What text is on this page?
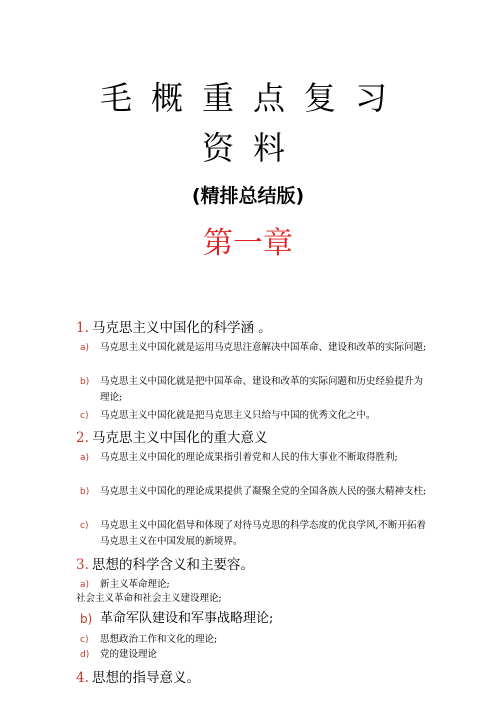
毛概重点复习
资料
(精排总结版)
第一章
1. 马克思主义中国化的科学涵 。
a) 马克思主义中国化就是运用马克思注意解决中国革命、建设和改革的实际问题;
b) 马克思主义中国化就是把中国革命、建设和改革的实际问题和历史经验提升为理论;
c) 马克思主义中国化就是把马克思主义只给与中国的优秀文化之中。
2. 马克思主义中国化的重大意义
a) 马克思主义中国化的理论成果指引着党和人民的伟大事业不断取得胜利;
b) 马克思主义中国化的理论成果提供了凝聚全党的全国各族人民的强大精神支柱;
c) 马克思主义中国化倡导和体现了对待马克思的科学态度的优良学风,不断开拓着马克思主义在中国发展的新境界。
3. 思想的科学含义和主要容。
a) 新主义革命理论;
社会主义革命和社会主义建设理论;
b) 革命军队建设和军事战略理论;
c) 思想政治工作和文化的理论;
d) 党的建设理论
4. 思想的指导意义。
